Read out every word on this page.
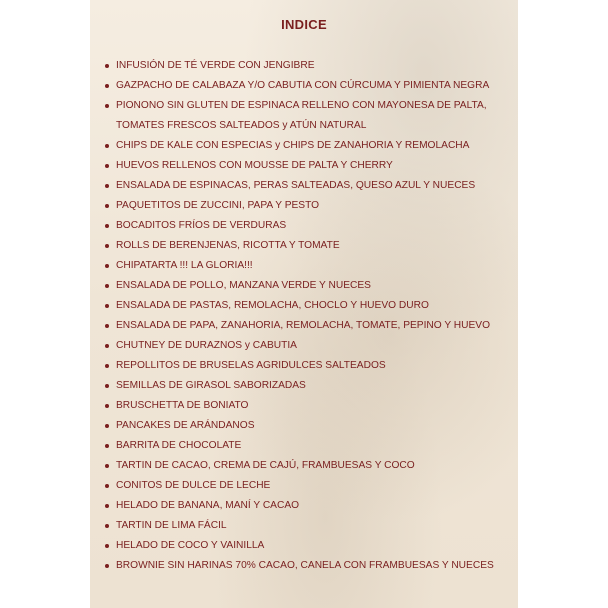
INDICE
INFUSIÓN DE TÉ VERDE CON JENGIBRE
GAZPACHO DE CALABAZA Y/O CABUTIA CON CÚRCUMA Y PIMIENTA NEGRA
PIONONO SIN GLUTEN DE ESPINACA RELLENO CON MAYONESA DE PALTA,
TOMATES FRESCOS SALTEADOS y ATÚN NATURAL
CHIPS DE KALE CON ESPECIAS y CHIPS DE ZANAHORIA Y REMOLACHA
HUEVOS RELLENOS CON MOUSSE DE PALTA Y CHERRY
ENSALADA DE ESPINACAS, PERAS SALTEADAS, QUESO AZUL Y NUECES
PAQUETITOS DE ZUCCINI, PAPA Y PESTO
BOCADITOS FRÍOS DE VERDURAS
ROLLS DE BERENJENAS, RICOTTA Y TOMATE
CHIPATARTA !!! LA GLORIA!!!
ENSALADA DE POLLO, MANZANA VERDE Y NUECES
ENSALADA DE PASTAS, REMOLACHA, CHOCLO Y HUEVO DURO
ENSALADA DE PAPA, ZANAHORIA, REMOLACHA, TOMATE, PEPINO Y HUEVO
CHUTNEY DE DURAZNOS y CABUTIA
REPOLLITOS DE BRUSELAS AGRIDULCES SALTEADOS
SEMILLAS DE GIRASOL SABORIZADAS
BRUSCHETTA DE BONIATO
PANCAKES DE ARÁNDANOS
BARRITA DE CHOCOLATE
TARTIN DE CACAO, CREMA DE CAJÚ, FRAMBUESAS Y COCO
CONITOS DE DULCE DE LECHE
HELADO DE BANANA, MANÍ Y CACAO
TARTIN DE LIMA FÁCIL
HELADO DE COCO Y VAINILLA
BROWNIE SIN HARINAS 70% CACAO, CANELA CON FRAMBUESAS Y NUECES
